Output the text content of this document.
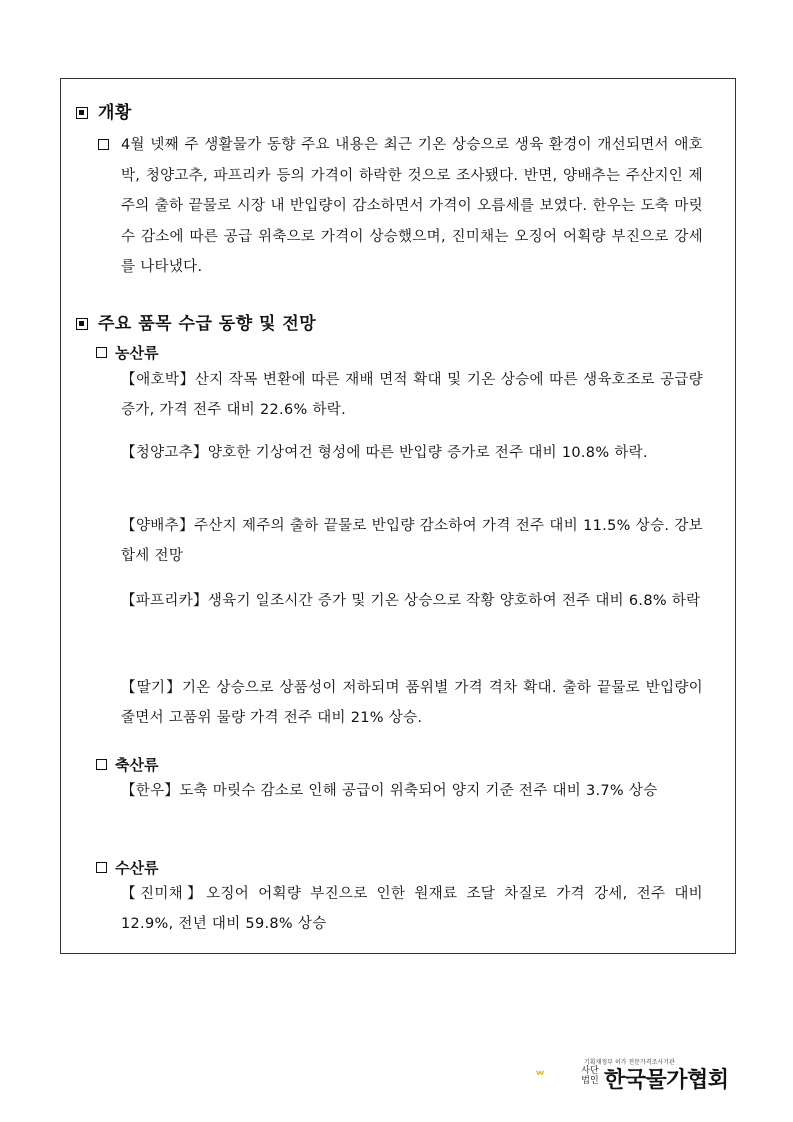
개황

4월 넷째 주 생활물가 동향 주요 내용은 최근 기온 상승으로 생육 환경이 개선되면서 애호박, 청양고추, 파프리카 등의 가격이 하락한 것으로 조사됐다. 반면, 양배추는 주산지인 제주의 출하 끝물로 시장 내 반입량이 감소하면서 가격이 오름세를 보였다. 한우는 도축 마릿수 감소에 따른 공급 위축으로 가격이 상승했으며, 진미채는 오징어 어획량 부진으로 강세를 나타냈다.

주요 품목 수급 동향 및 전망
농산류
【애호박】산지 작목 변환에 따른 재배 면적 확대 및 기온 상승에 따른 생육호조로 공급량 증가, 가격 전주 대비 22.6% 하락.
【청양고추】양호한 기상여건 형성에 따른 반입량 증가로 전주 대비 10.8% 하락.
【양배추】주산지 제주의 출하 끝물로 반입량 감소하여 가격 전주 대비 11.5% 상승. 강보합세 전망
【파프리카】생육기 일조시간 증가 및 기온 상승으로 작황 양호하여 전주 대비 6.8% 하락
【딸기】기온 상승으로 상품성이 저하되며 품위별 가격 격차 확대. 출하 끝물로 반입량이 줄면서 고품위 물량 가격 전주 대비 21% 상승.
축산류
【한우】도축 마릿수 감소로 인해 공급이 위축되어 양지 기준 전주 대비 3.7% 상승
수산류
【진미채】오징어 어획량 부진으로 인한 원재료 조달 차질로 가격 강세, 전주 대비 12.9%, 전년 대비 59.8% 상승
기획재정부 허가 전문가격조사기관
사단 법인 한국물가협회
